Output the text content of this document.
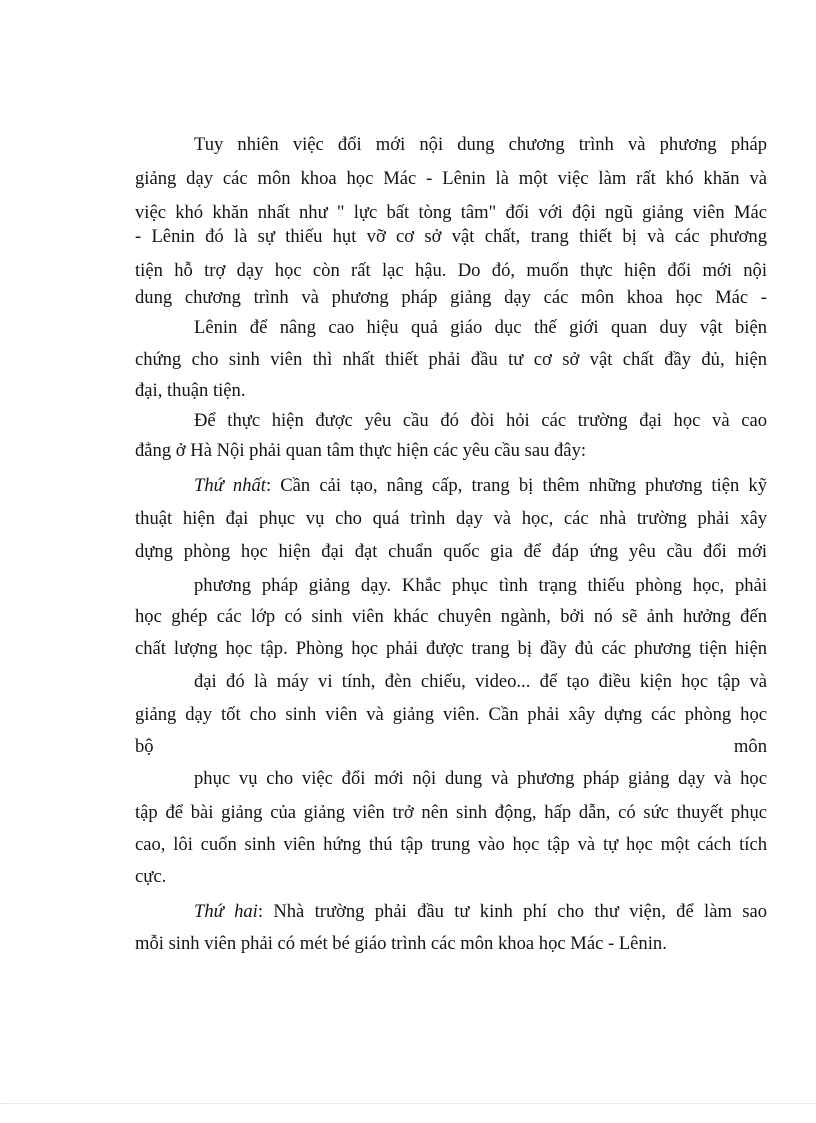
Tuy nhiên việc đổi mới nội dung chương trình và phương pháp
giảng dạy các môn khoa học Mác - Lênin là một việc làm rất khó khăn và
việc khó khăn nhất như " lực bất tòng tâm" đối với đội ngũ giảng viên Mác
- Lênin đó là sự thiếu hụt vỡ cơ sở vật chất, trang thiết bị và các phương
tiện hỗ trợ dạy học còn rất lạc hậu. Do đó, muốn thực hiện đổi mới nội
dung chương trình và phương pháp giảng dạy các môn khoa học Mác -
Lênin để nâng cao hiệu quả giáo dục thế giới quan duy vật biện
chứng cho sinh viên thì nhất thiết phải đầu tư cơ sở vật chất đầy đủ, hiện
đại, thuận tiện.
Để thực hiện được yêu cầu đó đòi hỏi các trường đại học và cao
đẳng ở Hà Nội phải quan tâm thực hiện các yêu cầu sau đây:
Thứ nhất: Cần cải tạo, nâng cấp, trang bị thêm những phương tiện kỹ
thuật hiện đại phục vụ cho quá trình dạy và học, các nhà trường phải xây
dựng phòng học hiện đại đạt chuẩn quốc gia để đáp ứng yêu cầu đổi mới
phương pháp giảng dạy. Khắc phục tình trạng thiếu phòng học, phải
học ghép các lớp có sinh viên khác chuyên ngành, bởi nó sẽ ảnh hưởng đến
chất lượng học tập. Phòng học phải được trang bị đầy đủ các phương tiện hiện
đại đó là máy vi tính, đèn chiếu, video... để tạo điều kiện học tập và
giảng dạy tốt cho sinh viên và giảng viên. Cần phải xây dựng các phòng học
bộ môn
phục vụ cho việc đổi mới nội dung và phương pháp giảng dạy và học
tập để bài giảng của giảng viên trở nên sinh động, hấp dẫn, có sức thuyết phục
cao, lôi cuốn sinh viên hứng thú tập trung vào học tập và tự học một cách tích
cực.
Thứ hai: Nhà trường phải đầu tư kinh phí cho thư viện, để làm sao
mỗi sinh viên phải có mét bé giáo trình các môn khoa học Mác - Lênin.
